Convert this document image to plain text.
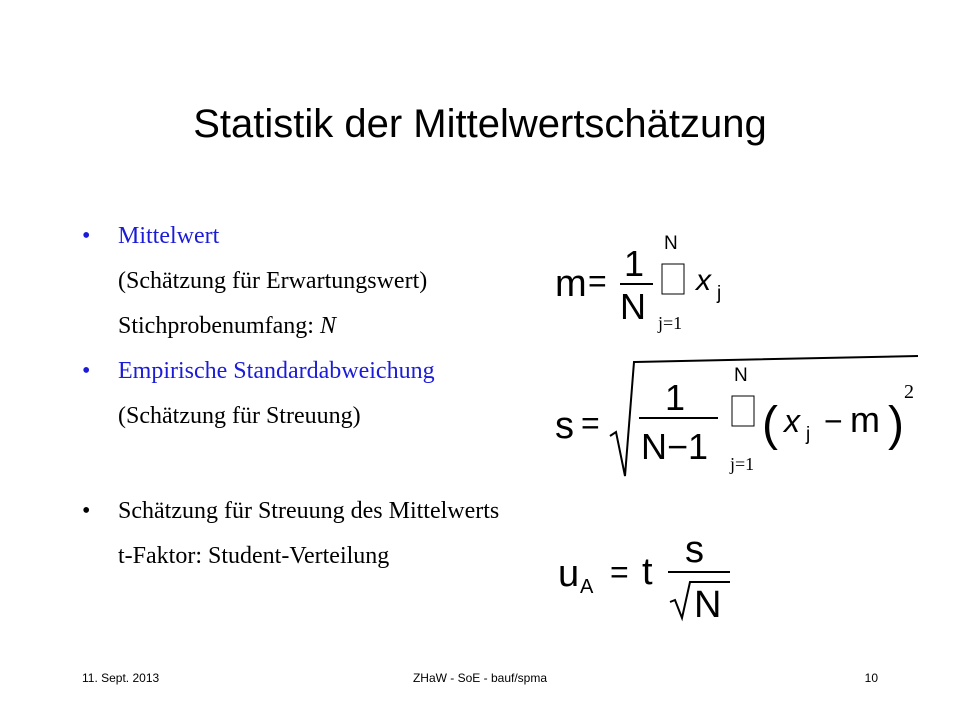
Statistik der Mittelwertschätzung
• Mittelwert
(Schätzung für Erwartungswert)
Stichprobenumfang: N
• Empirische Standardabweichung
(Schätzung für Streuung)
• Schätzung für Streuung des Mittelwerts
t-Faktor: Student-Verteilung
m = 1
N
N
j=1
x j
s =
1
N−1
N
j=1
( x j − m )
2
u A = t
s
N
11. Sept. 2013	ZHaW - SoE - bauf/spma	10
